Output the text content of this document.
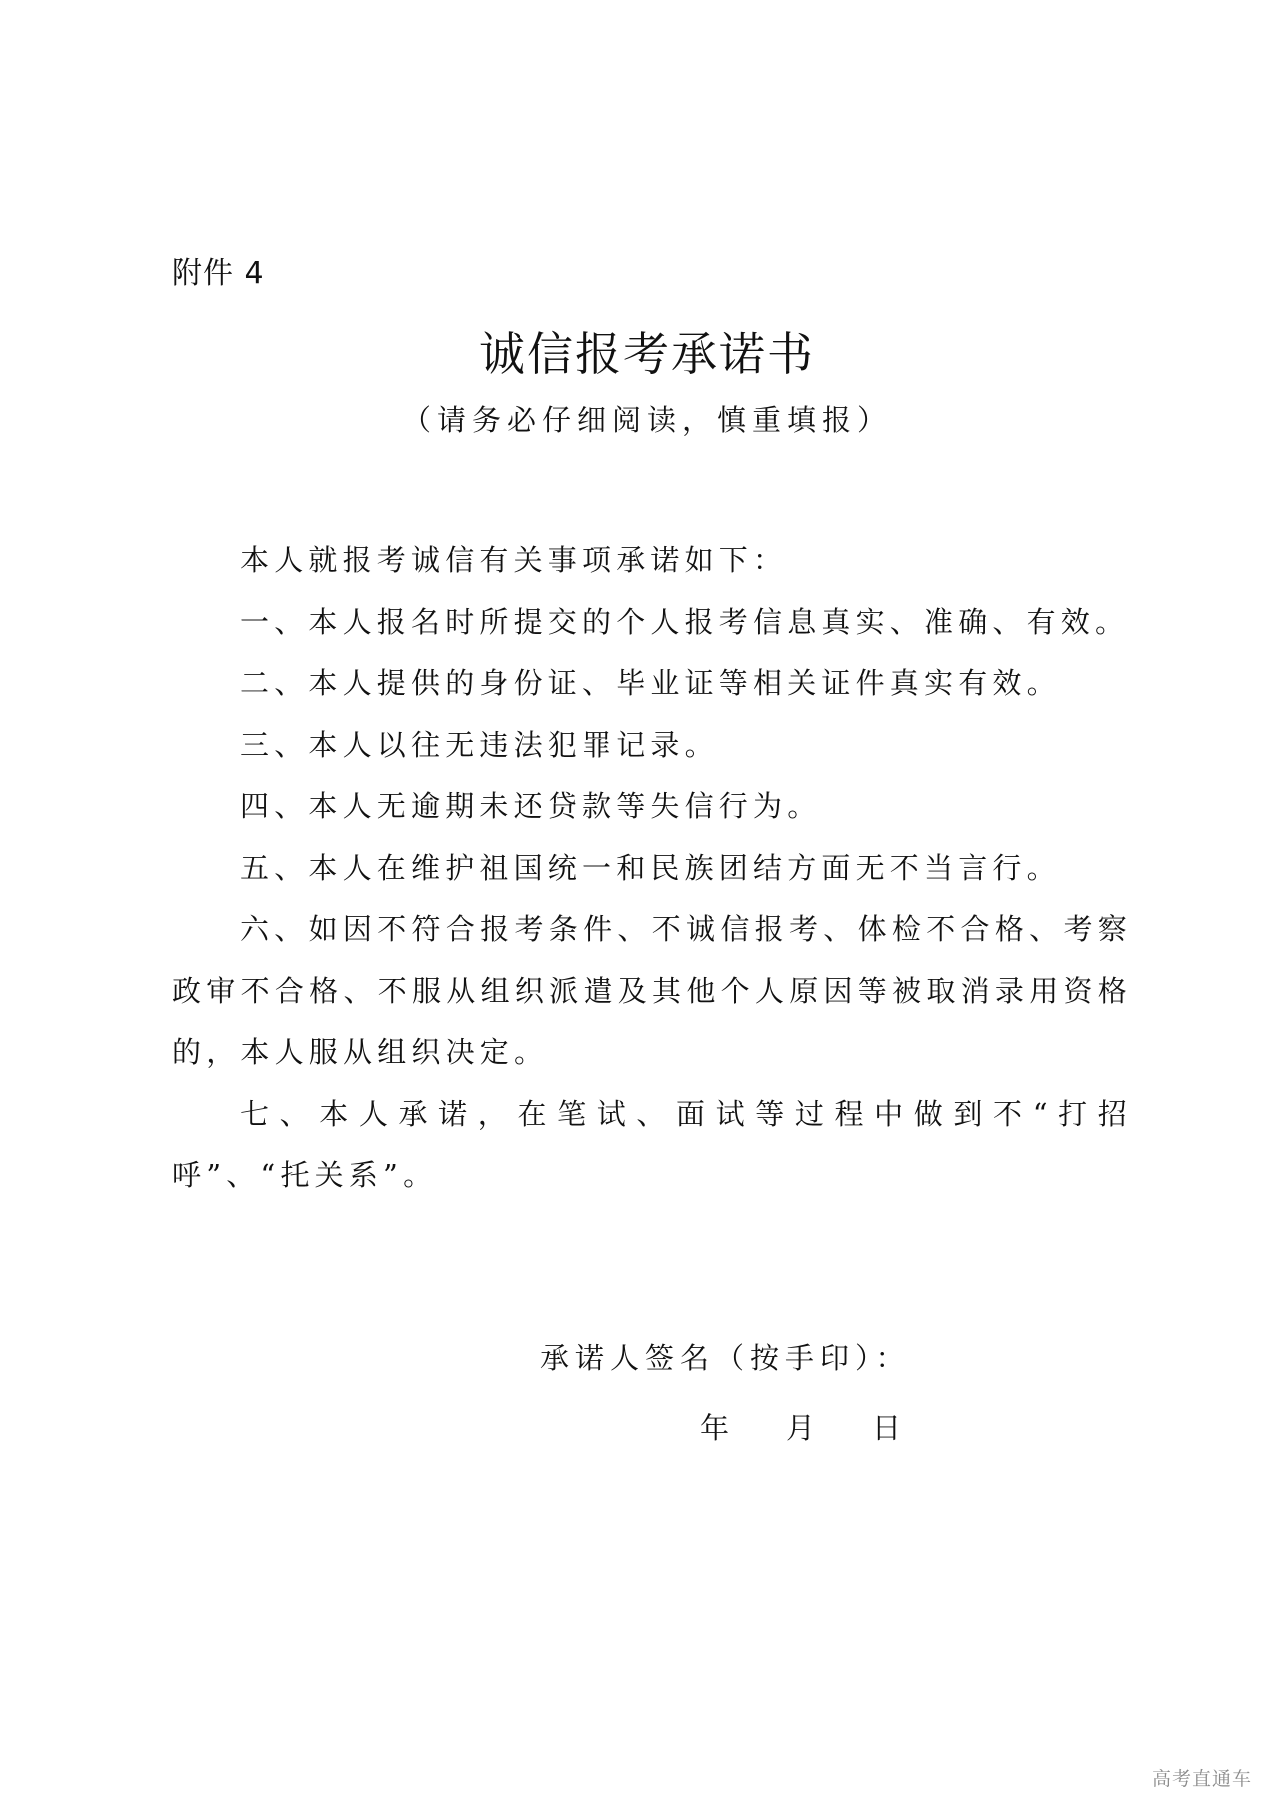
附件 4
诚信报考承诺书
（请务必仔细阅读，慎重填报）

本人就报考诚信有关事项承诺如下：

一、本人报名时所提交的个人报考信息真实、准确、有效。

二、本人提供的身份证、毕业证等相关证件真实有效。

三、本人以往无违法犯罪记录。

四、本人无逾期未还贷款等失信行为。

五、本人在维护祖国统一和民族团结方面无不当言行。

六、如因不符合报考条件、不诚信报考、体检不合格、考察政审不合格、不服从组织派遣及其他个人原因等被取消录用资格的，本人服从组织决定。

七、本人承诺，在笔试、面试等过程中做到不“打招呼”、“托关系”。

承诺人签名（按手印）：
年 月 日
高考直通车
